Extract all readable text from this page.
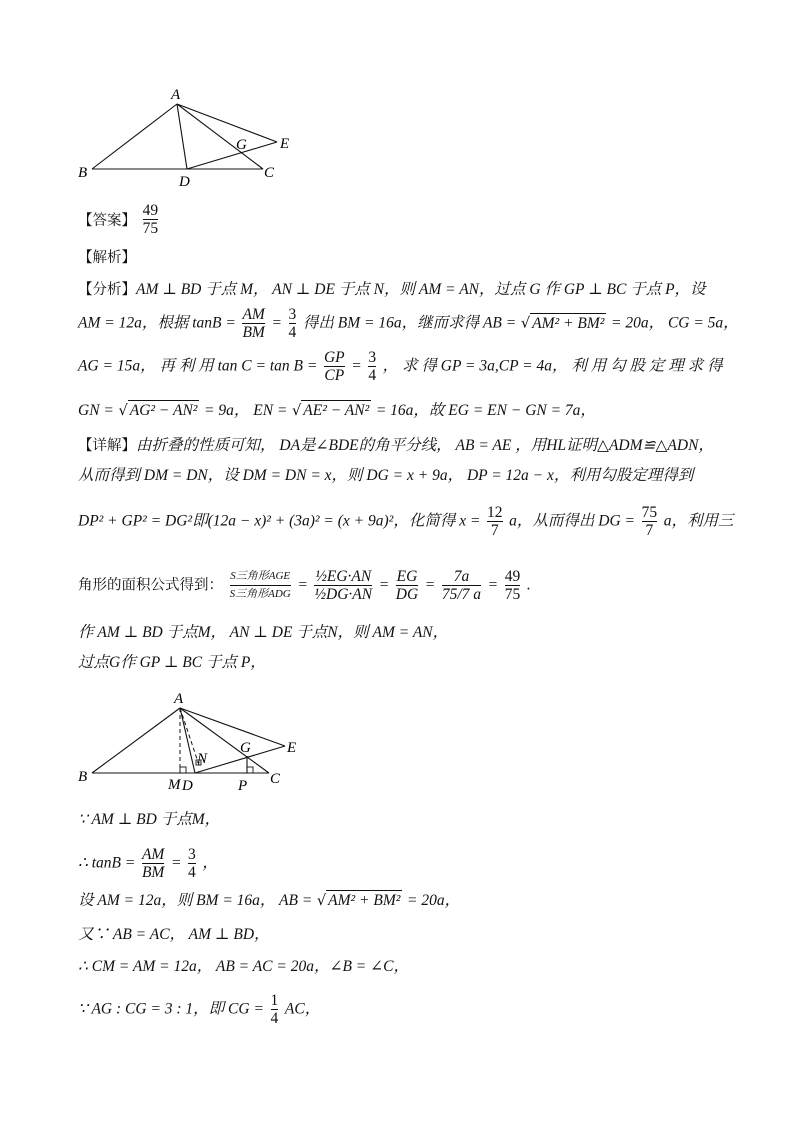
A
B
D
C
G E
【答案】 $\frac{49}{75}$
【解析】
【分析】AM ⊥ BD 于点 M， AN ⊥ DE 于点 N，则 AM = AN，过点 G 作 GP ⊥ BC 于点 P，设
AM = 12a，根据 $\tan B = \frac{AM}{BM} = \frac{3}{4}$ 得出 BM = 16a，继而求得 AB = √ AM² + BM² = 20a， CG = 5a，
AG = 15a， 再 利 用 $\tan C = \tan B = \frac{GP}{CP} = \frac{3}{4}$ ， 求 得 GP = 3a,CP = 4a， 利 用 勾 股 定 理 求 得
GN = √ AG² − AN² = 9a， EN = √ AE² − AN² = 16a，故 EG = EN − GN = 7a，
【详解】由折叠的性质可知， DA是∠BDE的角平分线， AB = AE ，用HL证明△ADM≌△ADN，
从而得到 DM = DN，设 DM = DN = x，则 DG = x + 9a， DP = 12a − x，利用勾股定理得到
DP² + GP² = DG²即(12a − x)² + (3a)² = (x + 9a)²，化简得 $x = \frac{12}{7}$ a，从而得出 DG = $\frac{75}{7}$ a，利用三
角形的面积公式得到： $\frac{\text{S三角形AGE}}{\text{S三角形ADG}} = \frac{\text{½EG·AN}}{\text{½DG·AN}} = \frac{EG}{DG} = \frac{7a}{75/7 a} = \frac{49}{75}$ .
作 AM ⊥ BD 于点M， AN ⊥ DE 于点N，则 AM = AN，
过点G作 GP ⊥ BC 于点 P，
A
B	M D
N
P C
G E
∵ AM ⊥ BD 于点M，
∴ $\tan B = \frac{AM}{BM} = \frac{3}{4}$ ，
设 AM = 12a，则 BM = 16a， AB = √ AM² + BM² = 20a，
又∵ AB = AC， AM ⊥ BD，
∴ CM = AM = 12a， AB = AC = 20a，∠B = ∠C，
∵ AG : CG = 3 : 1，即 CG = $\frac{1}{4}$ AC，
